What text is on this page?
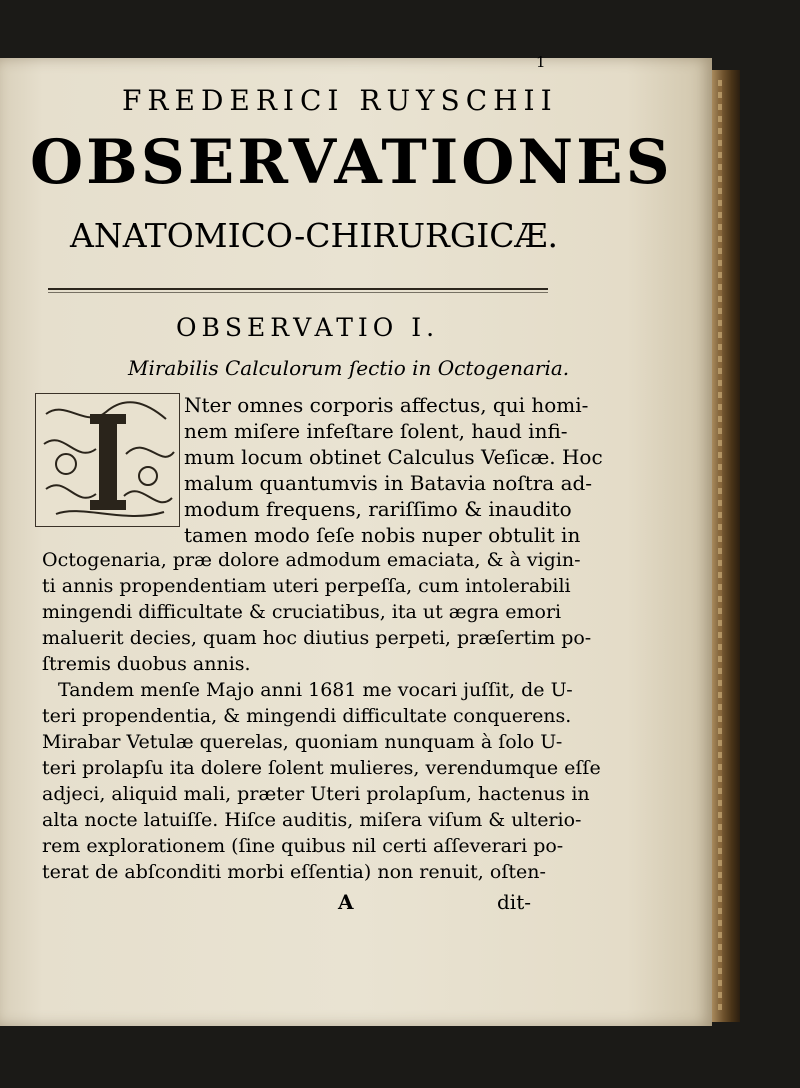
1
FREDERICI RUYSCHII
OBSERVATIONES
ANATOMICO-CHIRURGICÆ.
OBSERVATIO I.
Mirabilis Calculorum ſectio in Octogenaria.
Nter omnes corporis affectus, qui homi-
nem miſere infeſtare ſolent, haud infi-
mum locum obtinet Calculus Veſicæ. Hoc
malum quantumvis in Batavia noſtra ad-
modum frequens, rariſſimo & inaudito
tamen modo ſeſe nobis nuper obtulit in
Octogenaria, præ dolore admodum emaciata, & à vigin-
ti annis propendentiam uteri perpeſſa, cum intolerabili
mingendi difficultate & cruciatibus, ita ut ægra emori
maluerit decies, quam hoc diutius perpeti, præſertim po-
ſtremis duobus annis.
Tandem menſe Majo anni 1681 me vocari juſſit, de U-
teri propendentia, & mingendi difficultate conquerens.
Mirabar Vetulæ querelas, quoniam nunquam à ſolo U-
teri prolapſu ita dolere ſolent mulieres, verendumque eſſe
adjeci, aliquid mali, præter Uteri prolapſum, hactenus in
alta nocte latuiſſe. Hiſce auditis, miſera viſum & ulterio-
rem explorationem (ſine quibus nil certi aſſeverari po-
terat de abſconditi morbi eſſentia) non renuit, oſten-
A	dit-
